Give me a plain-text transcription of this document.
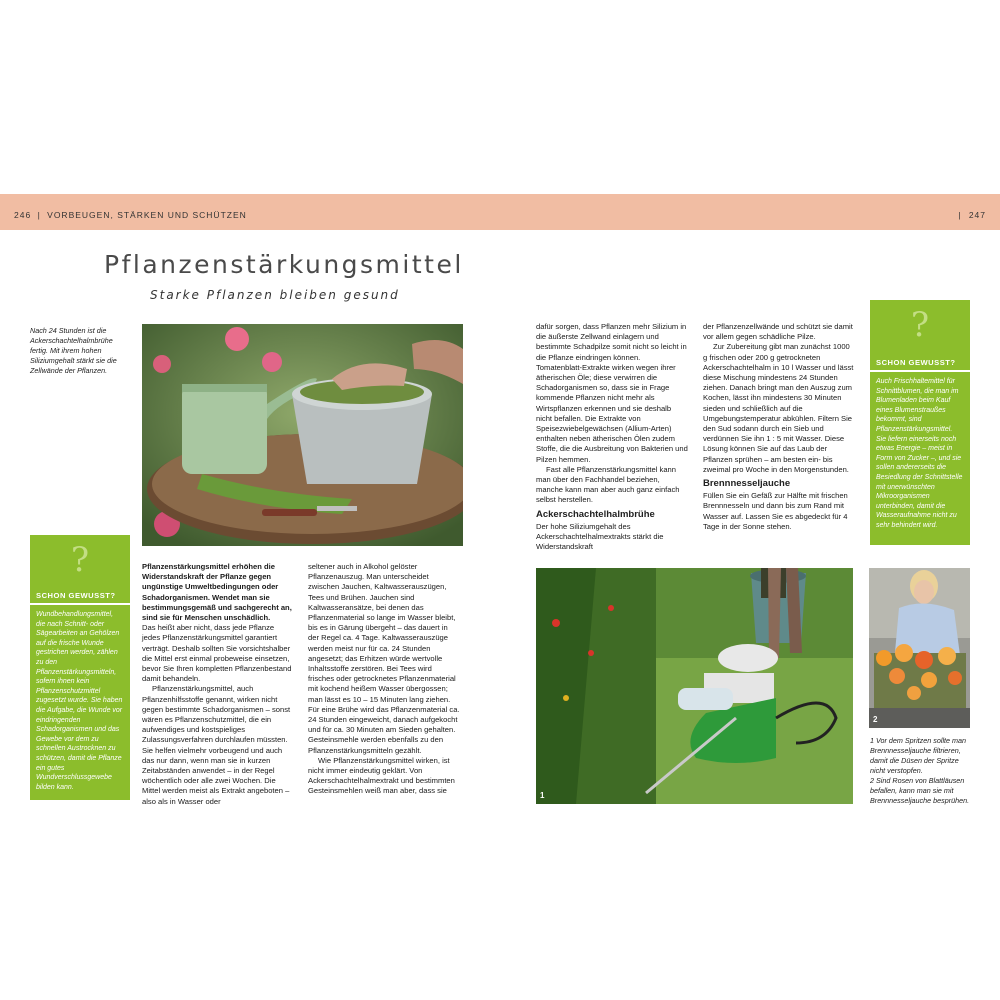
246 | VORBEUGEN, STÄRKEN UND SCHÜTZEN	| 247
Pflanzenstärkungsmittel
Starke Pflanzen bleiben gesund
Nach 24 Stunden ist die Ackerschachtelhalmbrühe fertig. Mit ihrem hohen Siliziumgehalt stärkt sie die Zellwände der Pflanzen.
?
SCHON GEWUSST?
Wundbehandlungsmittel, die nach Schnitt- oder Sägearbeiten an Gehölzen auf die frische Wunde gestrichen werden, zählen zu den Pflanzenstärkungsmitteln, sofern ihnen kein Pflanzenschutzmittel zugesetzt wurde. Sie haben die Aufgabe, die Wunde vor eindringenden Schadorganismen und das Gewebe vor dem zu schnellen Austrocknen zu schützen, damit die Pflanze ein gutes Wundverschlussgewebe bilden kann.

Pflanzenstärkungsmittel erhöhen die Widerstandskraft der Pflanze gegen ungünstige Umweltbedingungen oder Schadorganismen. Wendet man sie bestimmungsgemäß und sachgerecht an, sind sie für Menschen unschädlich.

Das heißt aber nicht, dass jede Pflanze jedes Pflanzenstärkungsmittel garantiert verträgt. Deshalb sollten Sie vorsichtshalber die Mittel erst einmal probeweise einsetzen, bevor Sie Ihren kompletten Pflanzenbestand damit behandeln.

Pflanzenstärkungsmittel, auch Pflanzenhilfsstoffe genannt, wirken nicht gegen bestimmte Schadorganismen – sonst wären es Pflanzenschutzmittel, die ein aufwendiges und kostspieliges Zulassungsverfahren durchlaufen müssten. Sie helfen vielmehr vorbeugend und auch das nur dann, wenn man sie in kurzen Zeitabständen anwendet – in der Regel wöchentlich oder alle zwei Wochen. Die Mittel werden meist als Extrakt angeboten – also als in Wasser oder

seltener auch in Alkohol gelöster Pflanzenauszug. Man unterscheidet zwischen Jauchen, Kaltwasserauszügen, Tees und Brühen. Jauchen sind Kaltwasseransätze, bei denen das Pflanzenmaterial so lange im Wasser bleibt, bis es in Gärung übergeht – das dauert in der Regel ca. 4 Tage. Kaltwasserauszüge werden meist nur für ca. 24 Stunden angesetzt; das Erhitzen würde wertvolle Inhaltsstoffe zerstören. Bei Tees wird frisches oder getrocknetes Pflanzenmaterial mit kochend heißem Wasser übergossen; man lässt es 10 – 15 Minuten lang ziehen. Für eine Brühe wird das Pflanzenmaterial ca. 24 Stunden eingeweicht, danach aufgekocht und für ca. 30 Minuten am Sieden gehalten. Gesteinsmehle werden ebenfalls zu den Pflanzenstärkungsmitteln gezählt.

Wie Pflanzenstärkungsmittel wirken, ist nicht immer eindeutig geklärt. Von Ackerschachtelhalmextrakt und bestimmten Gesteinsmehlen weiß man aber, dass sie

dafür sorgen, dass Pflanzen mehr Silizium in die äußerste Zellwand einlagern und bestimmte Schadpilze somit nicht so leicht in die Pflanze eindringen können. Tomatenblatt-Extrakte wirken wegen ihrer ätherischen Öle; diese verwirren die Schadorganismen so, dass sie in Frage kommende Pflanzen nicht mehr als Wirtspflanzen erkennen und sie deshalb nicht befallen. Die Extrakte von Speisezwiebelgewächsen (Allium-Arten) enthalten neben ätherischen Ölen zudem Stoffe, die die Ausbreitung von Bakterien und Pilzen hemmen.

Fast alle Pflanzenstärkungsmittel kann man über den Fachhandel beziehen, manche kann man aber auch ganz einfach selbst herstellen.

Ackerschachtelhalmbrühe

Der hohe Siliziumgehalt des Ackerschachtelhalmextrakts stärkt die Widerstandskraft

der Pflanzenzellwände und schützt sie damit vor allem gegen schädliche Pilze.

Zur Zubereitung gibt man zunächst 1000 g frischen oder 200 g getrockneten Ackerschachtelhalm in 10 l Wasser und lässt diese Mischung mindestens 24 Stunden ziehen. Danach bringt man den Auszug zum Kochen, lässt ihn mindestens 30 Minuten sieden und schließlich auf die Umgebungstemperatur abkühlen. Filtern Sie den Sud sodann durch ein Sieb und verdünnen Sie ihn 1 : 5 mit Wasser. Diese Lösung können Sie auf das Laub der Pflanzen sprühen – am besten ein- bis zweimal pro Woche in den Morgenstunden.

Brennnesseljauche

Füllen Sie ein Gefäß zur Hälfte mit frischen Brennnesseln und dann bis zum Rand mit Wasser auf. Lassen Sie es abgedeckt für 4 Tage in der Sonne stehen.

?
SCHON GEWUSST?
Auch Frischhaltemittel für Schnittblumen, die man im Blumenladen beim Kauf eines Blumenstraußes bekommt, sind Pflanzenstärkungsmittel. Sie liefern einerseits noch etwas Energie – meist in Form von Zucker –, und sie sollen andererseits die Besiedlung der Schnittstelle mit unerwünschten Mikroorganismen unterbinden, damit die Wasseraufnahme nicht zu sehr behindert wird.
1
2
1 Vor dem Spritzen sollte man Brennnesseljauche filtrieren, damit die Düsen der Spritze nicht verstopfen.
2 Sind Rosen von Blattläusen befallen, kann man sie mit Brennnesseljauche besprühen.
